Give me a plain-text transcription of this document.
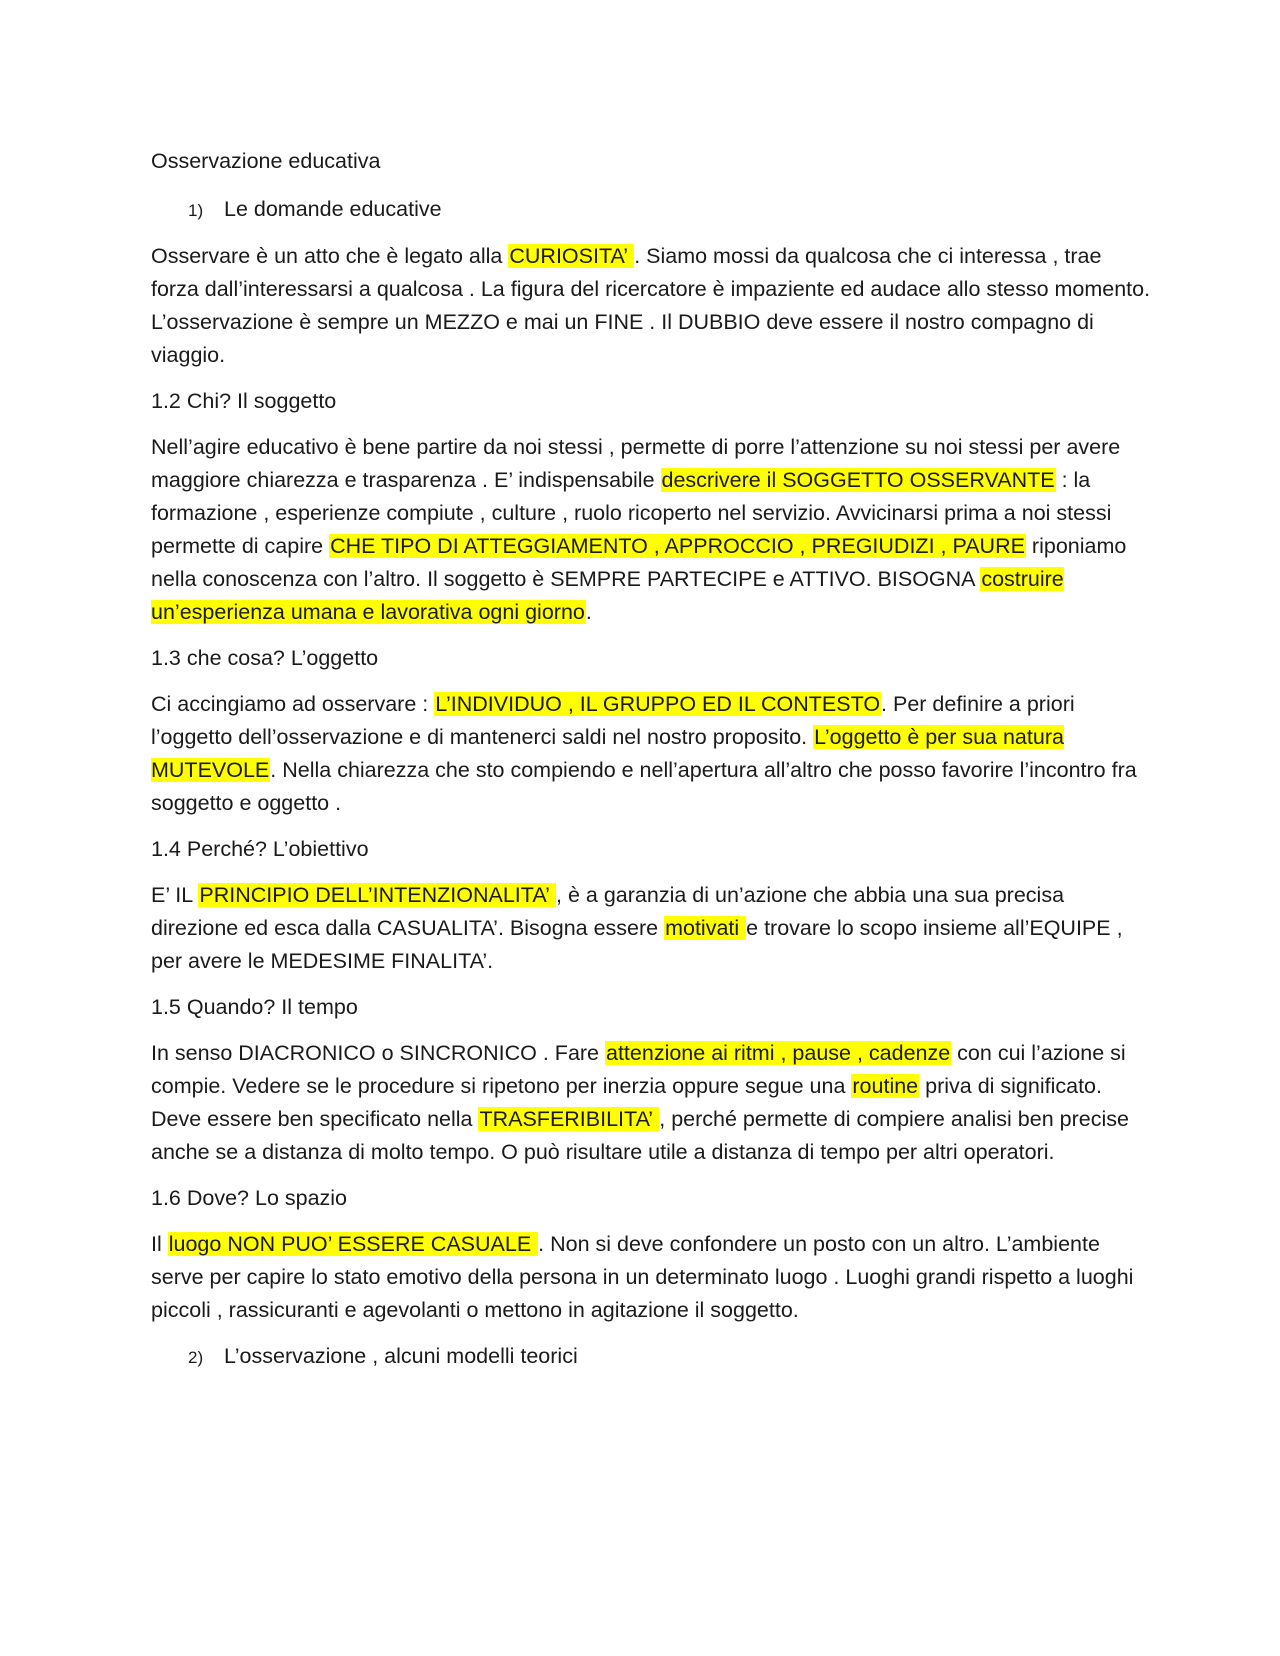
Osservazione educativa

1) Le domande educative

Osservare è un atto che è legato alla CURIOSITA’ . Siamo mossi da qualcosa che ci interessa , trae forza dall’interessarsi a qualcosa . La figura del ricercatore è impaziente ed audace allo stesso momento. L’osservazione è sempre un MEZZO e mai un FINE . Il DUBBIO deve essere il nostro compagno di viaggio.

1.2 Chi? Il soggetto

Nell’agire educativo è bene partire da noi stessi , permette di porre l’attenzione su noi stessi per avere maggiore chiarezza e trasparenza . E’ indispensabile descrivere il SOGGETTO OSSERVANTE : la formazione , esperienze compiute , culture , ruolo ricoperto nel servizio. Avvicinarsi prima a noi stessi permette di capire CHE TIPO DI ATTEGGIAMENTO , APPROCCIO , PREGIUDIZI , PAURE riponiamo nella conoscenza con l’altro. Il soggetto è SEMPRE PARTECIPE e ATTIVO. BISOGNA costruire un’esperienza umana e lavorativa ogni giorno.

1.3 che cosa? L’oggetto

Ci accingiamo ad osservare : L’INDIVIDUO , IL GRUPPO ED IL CONTESTO. Per definire a priori l’oggetto dell’osservazione e di mantenerci saldi nel nostro proposito. L’oggetto è per sua natura MUTEVOLE. Nella chiarezza che sto compiendo e nell’apertura all’altro che posso favorire l’incontro fra soggetto e oggetto .

1.4 Perché? L’obiettivo

E’ IL PRINCIPIO DELL’INTENZIONALITA’ , è a garanzia di un’azione che abbia una sua precisa direzione ed esca dalla CASUALITA’. Bisogna essere motivati e trovare lo scopo insieme all’EQUIPE , per avere le MEDESIME FINALITA’.

1.5 Quando? Il tempo

In senso DIACRONICO o SINCRONICO . Fare attenzione ai ritmi , pause , cadenze con cui l’azione si compie. Vedere se le procedure si ripetono per inerzia oppure segue una routine priva di significato. Deve essere ben specificato nella TRASFERIBILITA’ , perché permette di compiere analisi ben precise anche se a distanza di molto tempo. O può risultare utile a distanza di tempo per altri operatori.

1.6 Dove? Lo spazio

Il luogo NON PUO’ ESSERE CASUALE . Non si deve confondere un posto con un altro. L’ambiente serve per capire lo stato emotivo della persona in un determinato luogo . Luoghi grandi rispetto a luoghi piccoli , rassicuranti e agevolanti o mettono in agitazione il soggetto.

2) L’osservazione , alcuni modelli teorici
